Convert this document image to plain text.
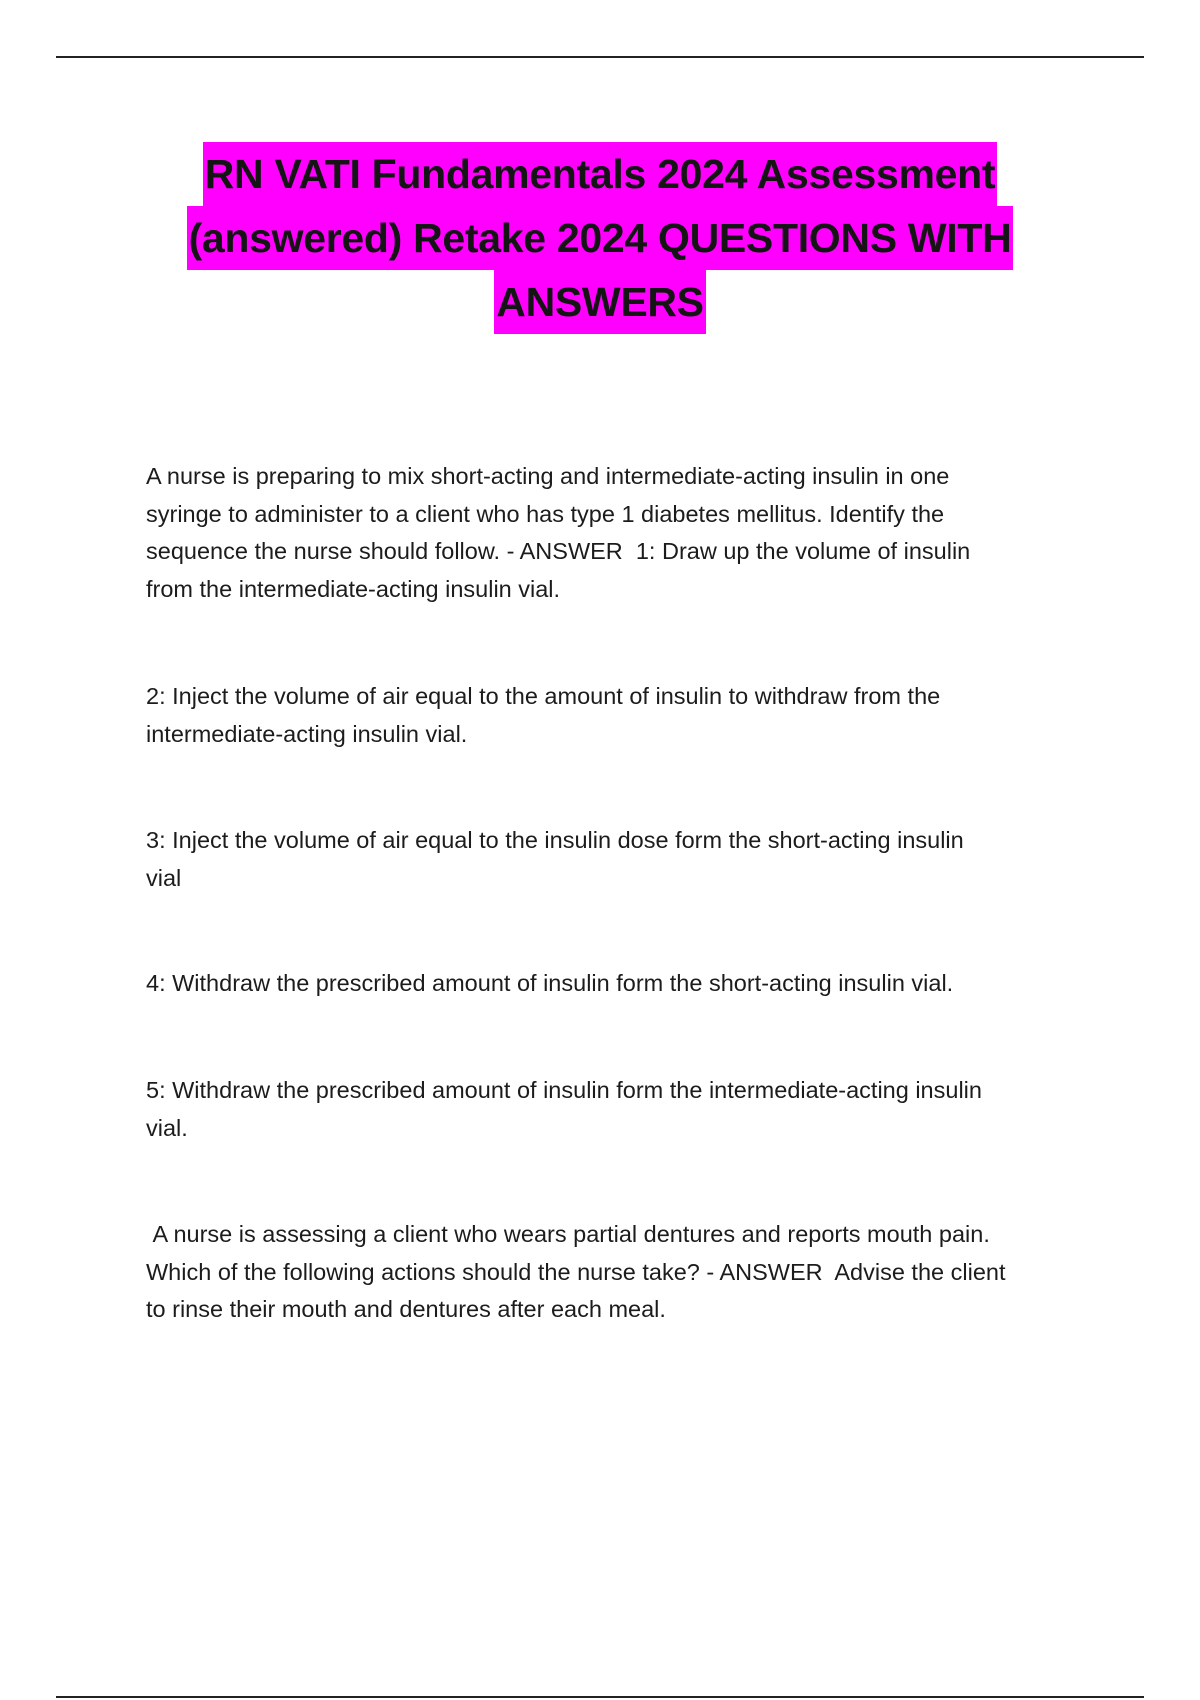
RN VATI Fundamentals 2024 Assessment
(answered) Retake 2024 QUESTIONS WITH
ANSWERS

A nurse is preparing to mix short-acting and intermediate-acting insulin in one
syringe to administer to a client who has type 1 diabetes mellitus. Identify the
sequence the nurse should follow. - ANSWER  1: Draw up the volume of insulin
from the intermediate-acting insulin vial.

2: Inject the volume of air equal to the amount of insulin to withdraw from the
intermediate-acting insulin vial.

3: Inject the volume of air equal to the insulin dose form the short-acting insulin
vial

4: Withdraw the prescribed amount of insulin form the short-acting insulin vial.

5: Withdraw the prescribed amount of insulin form the intermediate-acting insulin
vial.

A nurse is assessing a client who wears partial dentures and reports mouth pain.
Which of the following actions should the nurse take? - ANSWER  Advise the client
to rinse their mouth and dentures after each meal.
